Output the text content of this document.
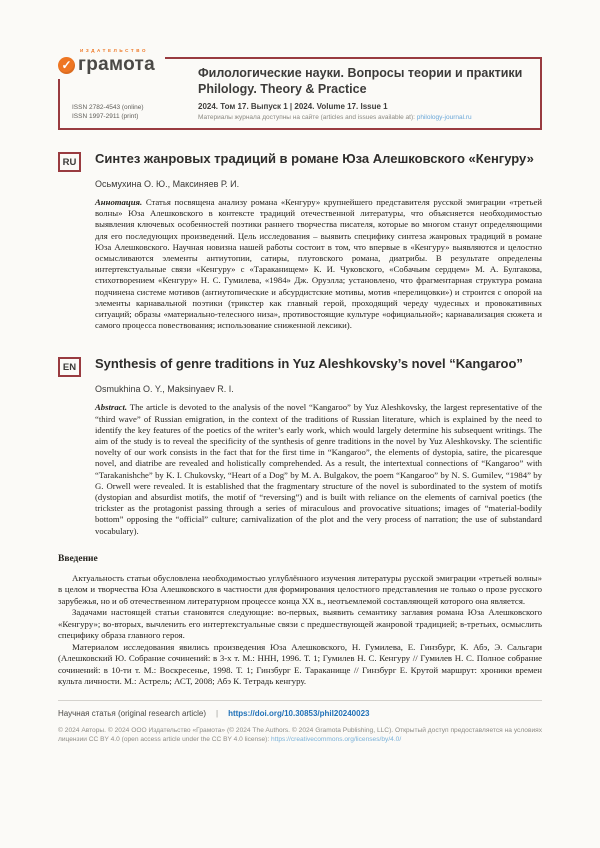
ИЗДАТЕЛЬСТВО
✓ грамота	Филологические науки. Вопросы теории и практики
Philology. Theory & Practice
2024. Том 17. Выпуск 1 | 2024. Volume 17. Issue 1
Материалы журнала доступны на сайте (articles and issues available at): philology-journal.ru
ISSN 2782-4543 (online)
ISSN 1997-2911 (print)
RU	Синтез жанровых традиций в романе Юза Алешковского «Кенгуру»
Осьмухина О. Ю., Максиняев Р. И.

Аннотация. Статья посвящена анализу романа «Кенгуру» крупнейшего представителя русской эмиграции «третьей волны» Юза Алешковского в контексте традиций отечественной литературы, что объясняется необходимостью выявления ключевых особенностей поэтики раннего творчества писателя, которые во многом станут определяющими для его последующих произведений. Цель исследования – выявить специфику синтеза жанровых традиций в романе Юза Алешковского. Научная новизна нашей работы состоит в том, что впервые в «Кенгуру» выявляются и целостно осмысливаются элементы антиутопии, сатиры, плутовского романа, диатрибы. В результате определены интертекстуальные связи «Кенгуру» с «Тараканищем» К. И. Чуковского, «Собачьим сердцем» М. А. Булгакова, стихотворением «Кенгуру» Н. С. Гумилева, «1984» Дж. Оруэлла; установлено, что фрагментарная структура романа подчинена системе мотивов (антиутопические и абсурдистские мотивы, мотив «перелицовки») и строится с опорой на элементы карнавальной поэтики (трикстер как главный герой, проходящий череду чудесных и провокативных ситуаций; образы «материально-телесного низа», противостоящие культуре «официальной»; карнавализация сюжета и самого процесса повествования; использование сниженной лексики).

EN	Synthesis of genre traditions in Yuz Aleshkovsky’s novel “Kangaroo”
Osmukhina O. Y., Maksinyaev R. I.

Abstract. The article is devoted to the analysis of the novel “Kangaroo” by Yuz Aleshkovsky, the largest representative of the “third wave” of Russian emigration, in the context of the traditions of Russian literature, which is explained by the need to identify the key features of the poetics of the writer’s early work, which would largely determine his subsequent writings. The aim of the study is to reveal the specificity of the synthesis of genre traditions in the novel by Yuz Aleshkovsky. The scientific novelty of our work consists in the fact that for the first time in “Kangaroo”, the elements of dystopia, satire, the picaresque novel, and diatribe are revealed and holistically comprehended. As a result, the intertextual connections of “Kangaroo” with “Tarakanishche” by K. I. Chukovsky, “Heart of a Dog” by M. A. Bulgakov, the poem “Kangaroo” by N. S. Gumilev, “1984” by G. Orwell were revealed. It is established that the fragmentary structure of the novel is subordinated to the system of motifs (dystopian and absurdist motifs, the motif of “reversing”) and is built with reliance on the elements of carnival poetics (the trickster as the protagonist passing through a series of miraculous and provocative situations; images of “material-bodily bottom” opposing the “official” culture; carnivalization of the plot and the very process of narration; the use of substandard vocabulary).

Введение

Актуальность статьи обусловлена необходимостью углублённого изучения литературы русской эмиграции «третьей волны» в целом и творчества Юза Алешковского в частности для формирования целостного представления не только о прозе русского зарубежья, но и об отечественном литературном процессе конца XX в., неотъемлемой составляющей которого она является.

Задачами настоящей статьи становятся следующие: во-первых, выявить семантику заглавия романа Юза Алешковского «Кенгуру»; во-вторых, вычленить его интертекстуальные связи с предшествующей жанровой традицией; в-третьих, осмыслить специфику образа главного героя.

Материалом исследования явились произведения Юза Алешковского, Н. Гумилева, Е. Гинзбург, К. Абэ, Э. Сальгари (Алешковский Ю. Собрание сочинений: в 3-х т. М.: ННН, 1996. Т. 1; Гумилев Н. С. Кенгуру // Гумилев Н. С. Полное собрание сочинений: в 10-ти т. М.: Воскресенье, 1998. Т. 1; Гинзбург Е. Тараканище // Гинзбург Е. Крутой маршрут: хроники времен культа личности. М.: Астрель; АСТ, 2008; Абэ К. Тетрадь кенгуру.

Научная статья (original research article) | https://doi.org/10.30853/phil20240023

© 2024 Авторы. © 2024 ООО Издательство «Грамота» (© 2024 The Authors. © 2024 Gramota Publishing, LLC). Открытый доступ предоставляется на условиях лицензии CC BY 4.0 (open access article under the CC BY 4.0 license): https://creativecommons.org/licenses/by/4.0/
